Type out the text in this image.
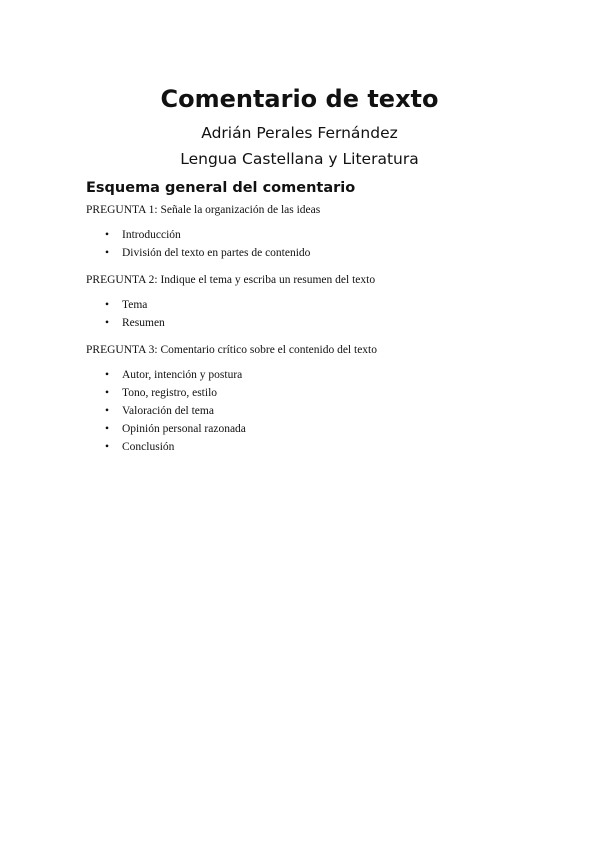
Comentario de texto

Adrián Perales Fernández

Lengua Castellana y Literatura

Esquema general del comentario

PREGUNTA 1: Señale la organización de las ideas

• Introducción
• División del texto en partes de contenido

PREGUNTA 2: Indique el tema y escriba un resumen del texto

• Tema
• Resumen

PREGUNTA 3: Comentario crítico sobre el contenido del texto

• Autor, intención y postura
• Tono, registro, estilo
• Valoración del tema
• Opinión personal razonada
• Conclusión
